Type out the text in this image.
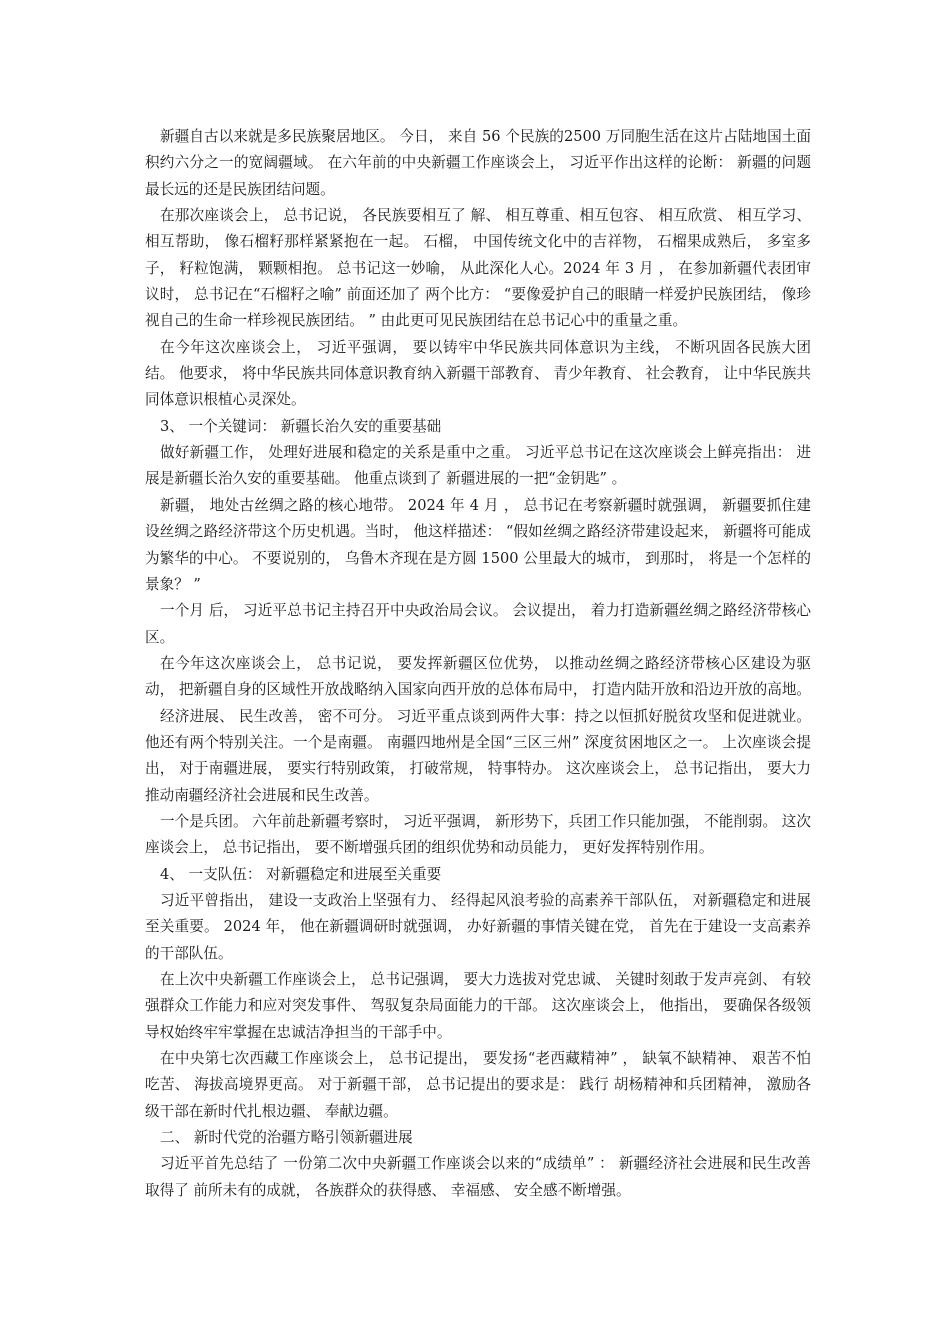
新疆自古以来就是多民族聚居地区。 今日， 来自 56 个民族的2500 万同胞生活在这片占陆地国土面积约六分之一的宽阔疆域。 在六年前的中央新疆工作座谈会上， 习近平作出这样的论断： 新疆的问题最长远的还是民族团结问题。

在那次座谈会上， 总书记说， 各民族要相互了 解、 相互尊重、相互包容、 相互欣赏、 相互学习、 相互帮助， 像石榴籽那样紧紧抱在一起。 石榴， 中国传统文化中的吉祥物， 石榴果成熟后， 多室多子， 籽粒饱满， 颗颗相抱。 总书记这一妙喻， 从此深化人心。2024 年 3 月 ， 在参加新疆代表团审议时， 总书记在“石榴籽之喻” 前面还加了 两个比方： “要像爱护自己的眼睛一样爱护民族团结， 像珍视自己的生命一样珍视民族团结。 ” 由此更可见民族团结在总书记心中的重量之重。

在今年这次座谈会上， 习近平强调， 要以铸牢中华民族共同体意识为主线， 不断巩固各民族大团结。 他要求， 将中华民族共同体意识教育纳入新疆干部教育、 青少年教育、 社会教育， 让中华民族共同体意识根植心灵深处。

3、 一个关键词： 新疆长治久安的重要基础

做好新疆工作， 处理好进展和稳定的关系是重中之重。 习近平总书记在这次座谈会上鲜亮指出： 进展是新疆长治久安的重要基础。 他重点谈到了 新疆进展的一把“金钥匙” 。

新疆， 地处古丝绸之路的核心地带。 2024 年 4 月 ， 总书记在考察新疆时就强调， 新疆要抓住建设丝绸之路经济带这个历史机遇。当时， 他这样描述： “假如丝绸之路经济带建设起来， 新疆将可能成为繁华的中心。 不要说别的， 乌鲁木齐现在是方圆 1500 公里最大的城市， 到那时， 将是一个怎样的景象？ ”

一个月 后， 习近平总书记主持召开中央政治局会议。 会议提出， 着力打造新疆丝绸之路经济带核心区。

在今年这次座谈会上， 总书记说， 要发挥新疆区位优势， 以推动丝绸之路经济带核心区建设为驱动， 把新疆自身的区域性开放战略纳入国家向西开放的总体布局中， 打造内陆开放和沿边开放的高地。

经济进展、 民生改善， 密不可分。 习近平重点谈到两件大事：持之以恒抓好脱贫攻坚和促进就业。 他还有两个特别关注。一个是南疆。 南疆四地州是全国“三区三州” 深度贫困地区之一。 上次座谈会提出， 对于南疆进展， 要实行特别政策， 打破常规， 特事特办。 这次座谈会上， 总书记指出， 要大力推动南疆经济社会进展和民生改善。

一个是兵团。 六年前赴新疆考察时， 习近平强调， 新形势下，兵团工作只能加强， 不能削弱。 这次座谈会上， 总书记指出， 要不断增强兵团的组织优势和动员能力， 更好发挥特别作用。

4、 一支队伍： 对新疆稳定和进展至关重要

习近平曾指出， 建设一支政治上坚强有力、 经得起风浪考验的高素养干部队伍， 对新疆稳定和进展至关重要。 2024 年， 他在新疆调研时就强调， 办好新疆的事情关键在党， 首先在于建设一支高素养的干部队伍。

在上次中央新疆工作座谈会上， 总书记强调， 要大力选拔对党忠诚、 关键时刻敢于发声亮剑、 有较强群众工作能力和应对突发事件、 驾驭复杂局面能力的干部。 这次座谈会上， 他指出， 要确保各级领导权始终牢牢掌握在忠诚洁净担当的干部手中。

在中央第七次西藏工作座谈会上， 总书记提出， 要发扬“老西藏精神” ， 缺氧不缺精神、 艰苦不怕吃苦、 海拔高境界更高。 对于新疆干部， 总书记提出的要求是： 践行 胡杨精神和兵团精神， 激励各级干部在新时代扎根边疆、 奉献边疆。

二、 新时代党的治疆方略引领新疆进展

习近平首先总结了 一份第二次中央新疆工作座谈会以来的“成绩单” ： 新疆经济社会进展和民生改善取得了 前所未有的成就， 各族群众的获得感、 幸福感、 安全感不断增强。
